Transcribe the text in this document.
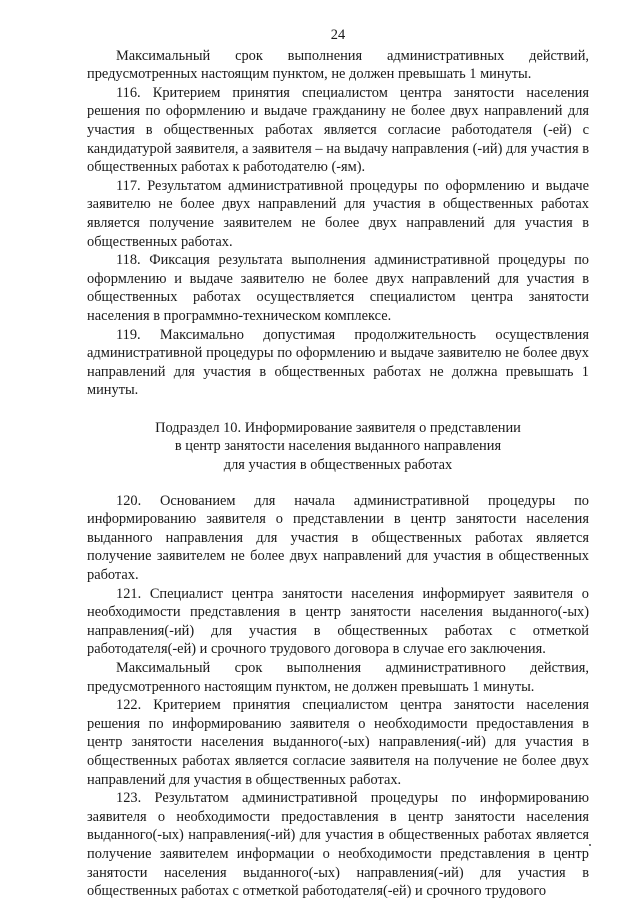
24

Максимальный срок выполнения административных действий, предусмотренных настоящим пунктом, не должен превышать 1 минуты.

116. Критерием принятия специалистом центра занятости населения решения по оформлению и выдаче гражданину не более двух направлений для участия в общественных работах является согласие работодателя (-ей) с кандидатурой заявителя, а заявителя – на выдачу направления (-ий) для участия в общественных работах к работодателю (-ям).

117. Результатом административной процедуры по оформлению и выдаче заявителю не более двух направлений для участия в общественных работах является получение заявителем не более двух направлений для участия в общественных работах.

118. Фиксация результата выполнения административной процедуры по оформлению и выдаче заявителю не более двух направлений для участия в общественных работах осуществляется специалистом центра занятости населения в программно-техническом комплексе.

119. Максимально допустимая продолжительность осуществления административной процедуры по оформлению и выдаче заявителю не более двух направлений для участия в общественных работах не должна превышать 1 минуты.

Подраздел 10. Информирование заявителя о представлении
в центр занятости населения выданного направления
для участия в общественных работах

120. Основанием для начала административной процедуры по информированию заявителя о представлении в центр занятости населения выданного направления для участия в общественных работах является получение заявителем не более двух направлений для участия в общественных работах.

121. Специалист центра занятости населения информирует заявителя о необходимости представления в центр занятости населения выданного(-ых) направления(-ий) для участия в общественных работах с отметкой работодателя(-ей) и срочного трудового договора в случае его заключения.

Максимальный срок выполнения административного действия, предусмотренного настоящим пунктом, не должен превышать 1 минуты.

122. Критерием принятия специалистом центра занятости населения решения по информированию заявителя о необходимости предоставления в центр занятости населения выданного(-ых) направления(-ий) для участия в общественных работах является согласие заявителя на получение не более двух направлений для участия в общественных работах.

123. Результатом административной процедуры по информированию заявителя о необходимости предоставления в центр занятости населения выданного(-ых) направления(-ий) для участия в общественных работах является получение заявителем информации о необходимости представления в центр занятости населения выданного(-ых) направления(-ий) для участия в общественных работах с отметкой работодателя(-ей) и срочного трудового
